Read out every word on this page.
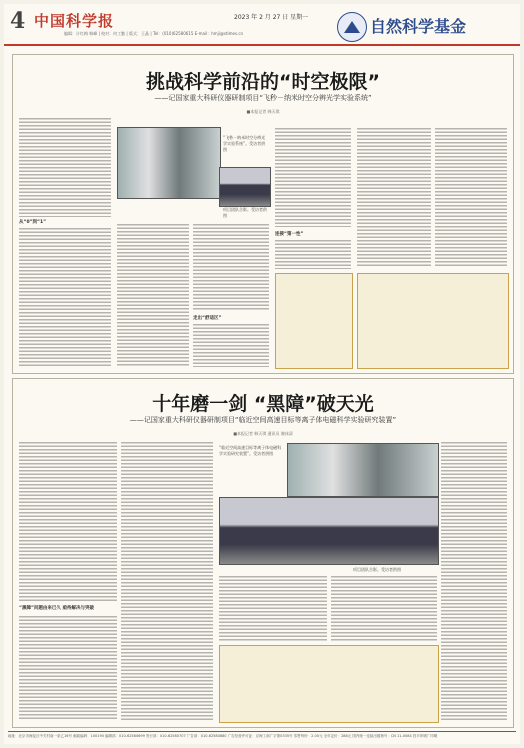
4 中国科学报	2023 年 2 月 27 日 星期一
编辑：计红梅 韩峰 | 校对：何工勤 | 版式：王晶 | Tel：(010)62580615 E-mail：hmji@stimes.cn	自然科学基金
挑战科学前沿的“时空极限”
——记国家重大科研仪器研制项目“飞秒－纳米时空分辨光学实验系统”
■本报记者 韩天琪
从“0”到“1”
“飞秒－纳米时空分辨光学实验系统”。受访者供图
项目团队合影。受访者供图
走出“舒适区”
连接“第一性”
十年磨一剑 “黑障”破天光
——记国家重大科研仪器研制项目“临近空间高速目标等离子体电磁科学实验研究装置”
■本报记者 韩天琪 通讯员 谢冰清
“黑障”问题由来已久 亟待解决与突破
“临近空间高速目标等离子体电磁科学实验研究装置”。受访者供图
项目团队合影。受访者供图
地址：北京市海淀区中关村南一条乙16号 邮政编码：100190 编辑部：010-62580699 发行部：010-62580707 广告部：010-62580880 广告经营许可证：京海工商广字第0335号 零售每份：2.00元 全年定价：288元 国内统一连续出版物号：CN 11-0084 昌平印刷厂印刷
